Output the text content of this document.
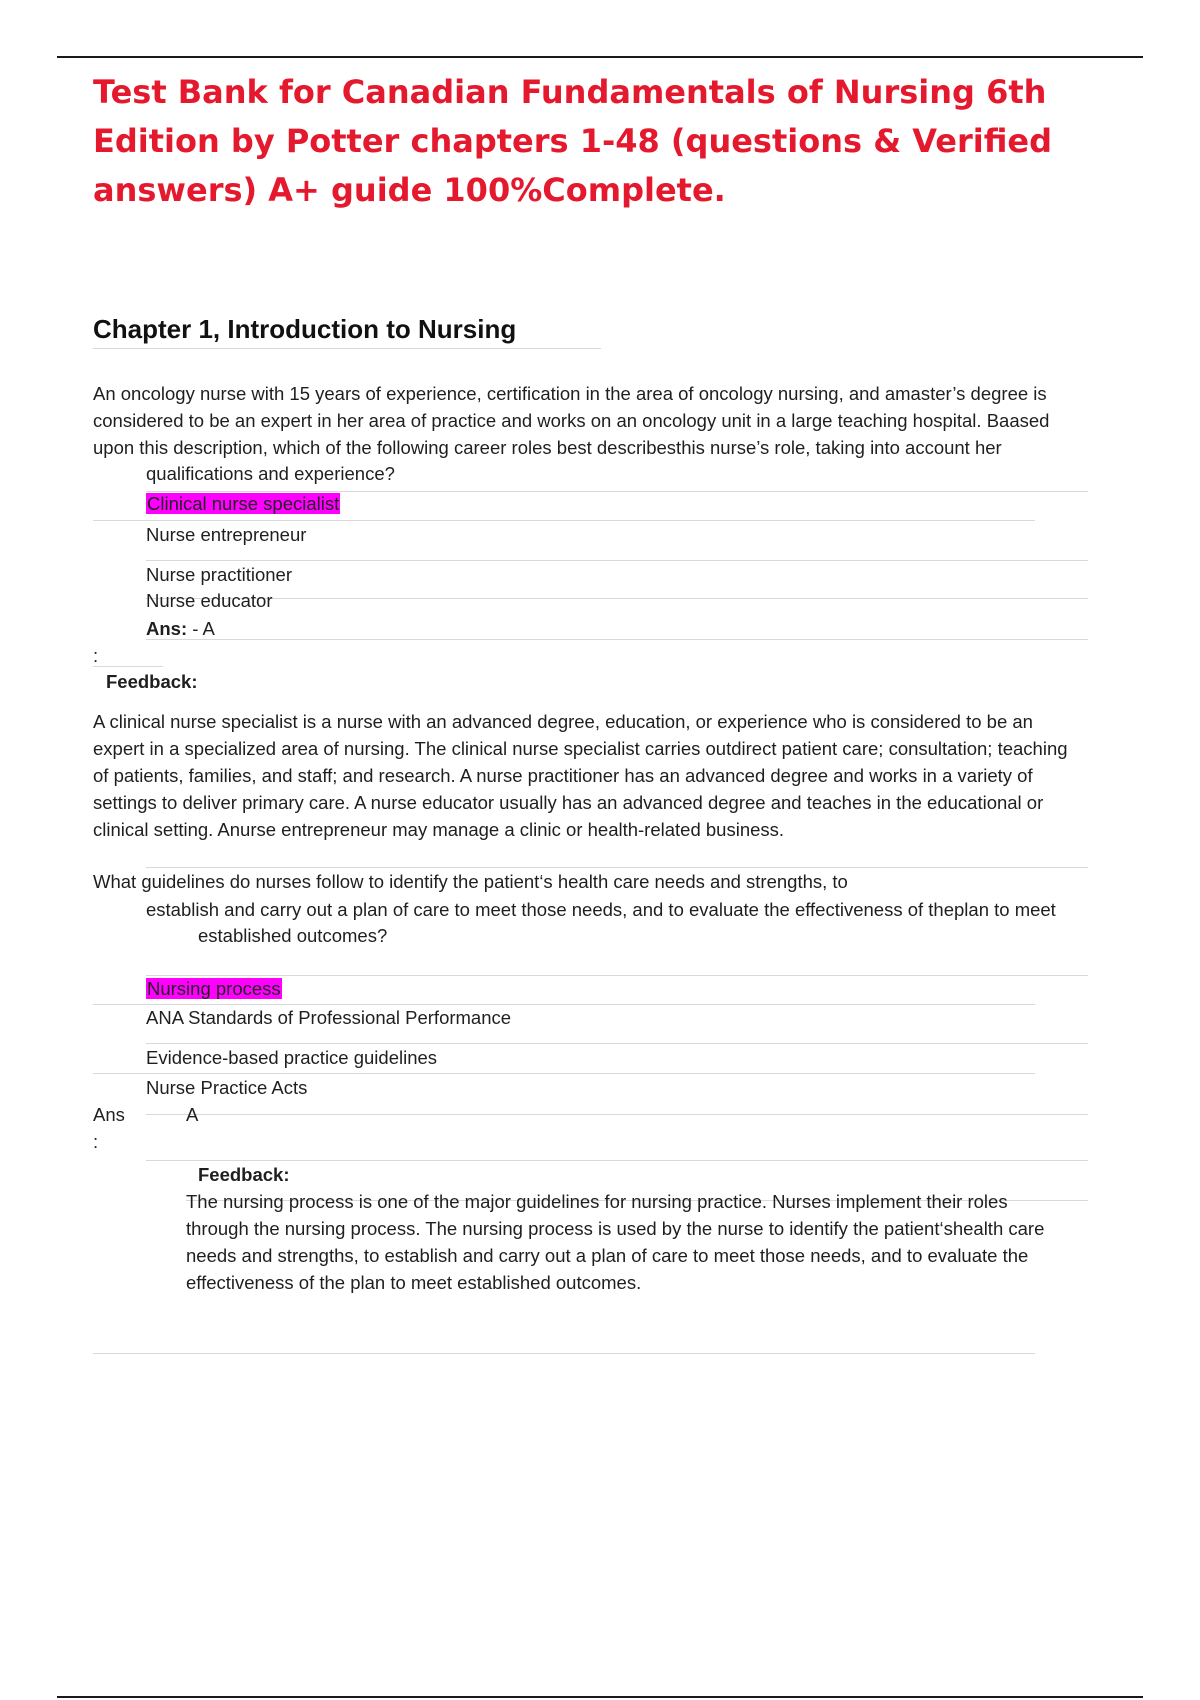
Test Bank for Canadian Fundamentals of Nursing 6th Edition by Potter chapters 1-48 (questions & Verified answers) A+ guide 100%Complete.
Chapter 1, Introduction to Nursing

An oncology nurse with 15 years of experience, certification in the area of oncology nursing, and amaster’s degree is

considered to be an expert in her area of practice and works on an oncology unit in a large teaching hospital. Baased

upon this description, which of the following career roles best describesthis nurse’s role, taking into account her

qualifications and experience?

Clinical nurse specialist

Nurse entrepreneur

Nurse practitioner

Nurse educator

Ans: - A

:

Feedback:

A clinical nurse specialist is a nurse with an advanced degree, education, or experience who is considered to be an

expert in a specialized area of nursing. The clinical nurse specialist carries outdirect patient care; consultation; teaching

of patients, families, and staff; and research. A nurse practitioner has an advanced degree and works in a variety of

settings to deliver primary care. A nurse educator usually has an advanced degree and teaches in the educational or

clinical setting. Anurse entrepreneur may manage a clinic or health-related business.

What guidelines do nurses follow to identify the patient‘s health care needs and strengths, to

establish and carry out a plan of care to meet those needs, and to evaluate the effectiveness of theplan to meet

established outcomes?

Nursing process

ANA Standards of Professional Performance

Evidence-based practice guidelines

Nurse Practice Acts

Ans	A

:

Feedback:

The nursing process is one of the major guidelines for nursing practice. Nurses implement their roles

through the nursing process. The nursing process is used by the nurse to identify the patient‘shealth care

needs and strengths, to establish and carry out a plan of care to meet those needs, and to evaluate the

effectiveness of the plan to meet established outcomes.
